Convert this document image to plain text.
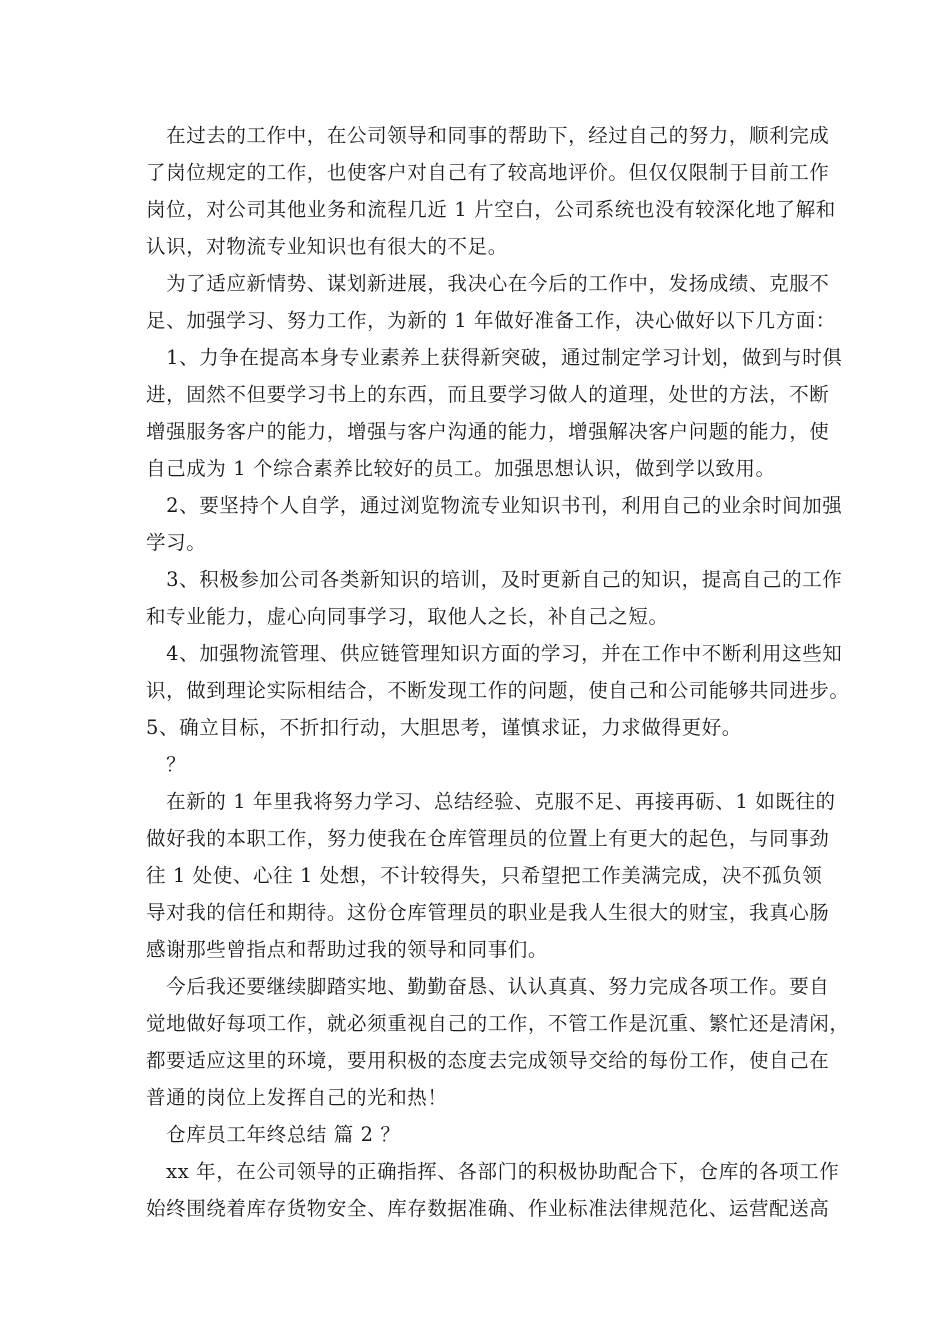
　在过去的工作中，在公司领导和同事的帮助下，经过自己的努力，顺利完成
了岗位规定的工作，也使客户对自己有了较高地评价。但仅仅限制于目前工作
岗位，对公司其他业务和流程几近 1 片空白，公司系统也没有较深化地了解和
认识，对物流专业知识也有很大的不足。
　为了适应新情势、谋划新进展，我决心在今后的工作中，发扬成绩、克服不
足、加强学习、努力工作，为新的 1 年做好准备工作，决心做好以下几方面：
　1、力争在提高本身专业素养上获得新突破，通过制定学习计划，做到与时俱
进，固然不但要学习书上的东西，而且要学习做人的道理，处世的方法，不断
增强服务客户的能力，增强与客户沟通的能力，增强解决客户问题的能力，使
自己成为 1 个综合素养比较好的员工。加强思想认识，做到学以致用。
　2、要坚持个人自学，通过浏览物流专业知识书刊，利用自己的业余时间加强
学习。
　3、积极参加公司各类新知识的培训，及时更新自己的知识，提高自己的工作
和专业能力，虚心向同事学习，取他人之长，补自己之短。
　4、加强物流管理、供应链管理知识方面的学习，并在工作中不断利用这些知
识，做到理论实际相结合，不断发现工作的问题，使自己和公司能够共同进步。
5、确立目标，不折扣行动，大胆思考，谨慎求证，力求做得更好。
　？
　在新的 1 年里我将努力学习、总结经验、克服不足、再接再砺、1 如既往的
做好我的本职工作，努力使我在仓库管理员的位置上有更大的起色，与同事劲
往 1 处使、心往 1 处想，不计较得失，只希望把工作美满完成，决不孤负领
导对我的信任和期待。这份仓库管理员的职业是我人生很大的财宝，我真心肠
感谢那些曾指点和帮助过我的领导和同事们。
　今后我还要继续脚踏实地、勤勤奋恳、认认真真、努力完成各项工作。要自
觉地做好每项工作，就必须重视自己的工作，不管工作是沉重、繁忙还是清闲，
都要适应这里的环境，要用积极的态度去完成领导交给的每份工作，使自己在
普通的岗位上发挥自己的光和热！
　仓库员工年终总结 篇 2 ？
　xx 年，在公司领导的正确指挥、各部门的积极协助配合下，仓库的各项工作
始终围绕着库存货物安全、库存数据准确、作业标准法律规范化、运营配送高
